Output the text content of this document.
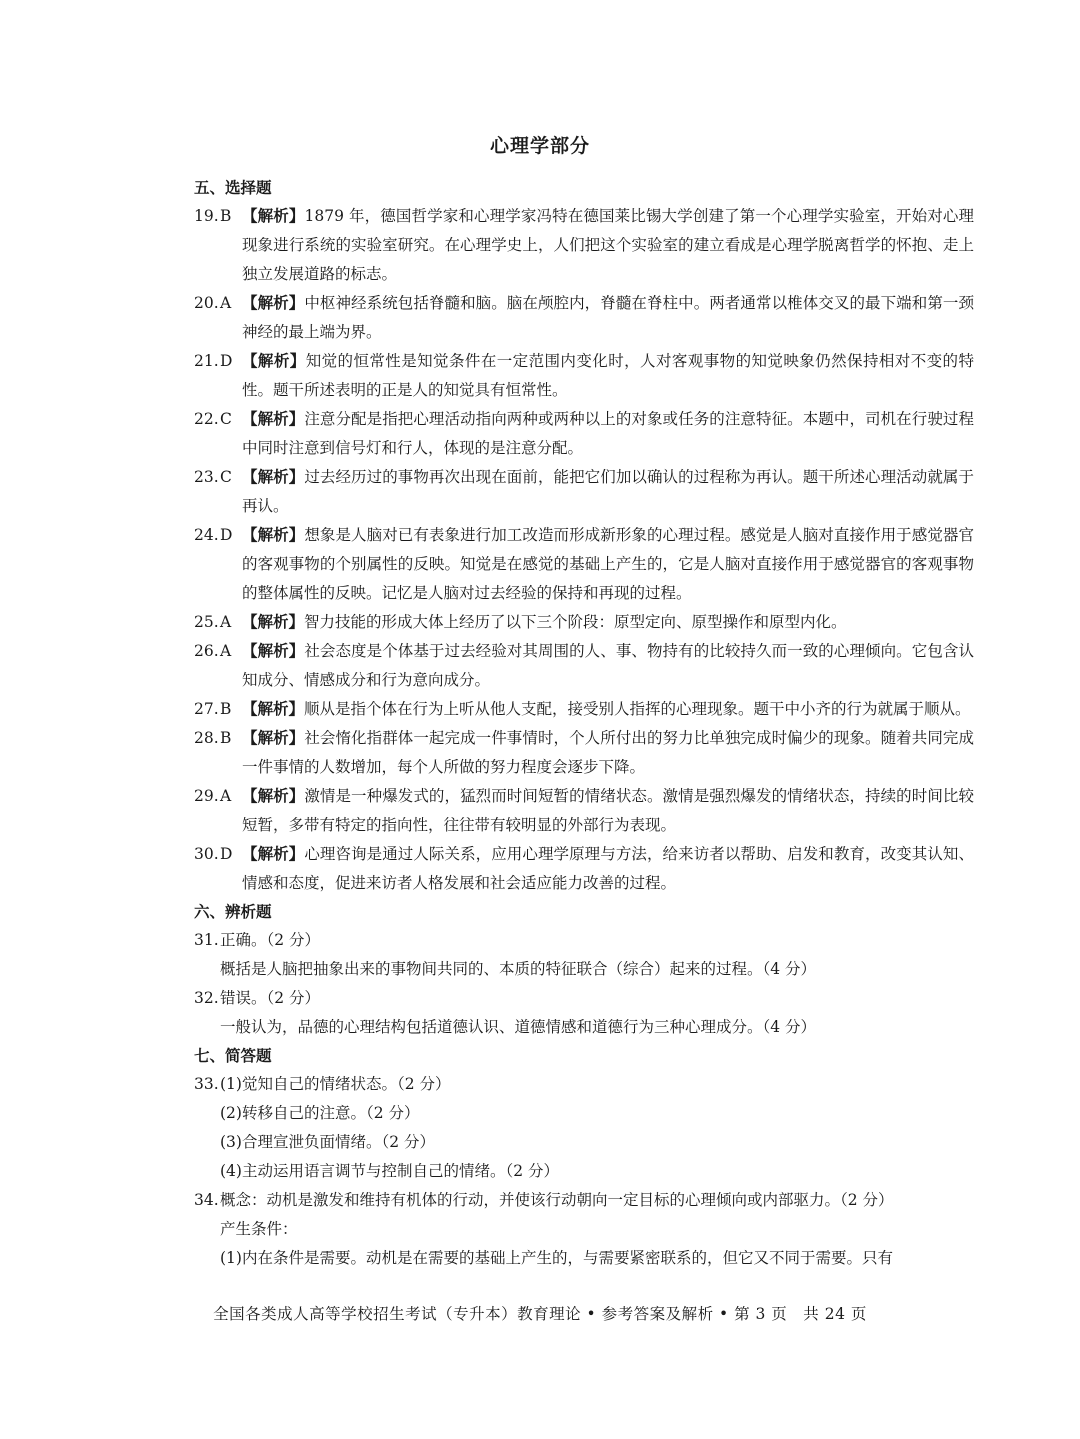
心理学部分
五、选择题
19. B 【解析】1879 年，德国哲学家和心理学家冯特在德国莱比锡大学创建了第一个心理学实验室，开始对心理现象进行系统的实验室研究。在心理学史上，人们把这个实验室的建立看成是心理学脱离哲学的怀抱、走上独立发展道路的标志。
20. A 【解析】中枢神经系统包括脊髓和脑。脑在颅腔内，脊髓在脊柱中。两者通常以椎体交叉的最下端和第一颈神经的最上端为界。
21. D 【解析】知觉的恒常性是知觉条件在一定范围内变化时，人对客观事物的知觉映象仍然保持相对不变的特性。题干所述表明的正是人的知觉具有恒常性。
22. C 【解析】注意分配是指把心理活动指向两种或两种以上的对象或任务的注意特征。本题中，司机在行驶过程中同时注意到信号灯和行人，体现的是注意分配。
23. C 【解析】过去经历过的事物再次出现在面前，能把它们加以确认的过程称为再认。题干所述心理活动就属于再认。
24. D 【解析】想象是人脑对已有表象进行加工改造而形成新形象的心理过程。感觉是人脑对直接作用于感觉器官的客观事物的个别属性的反映。知觉是在感觉的基础上产生的，它是人脑对直接作用于感觉器官的客观事物的整体属性的反映。记忆是人脑对过去经验的保持和再现的过程。
25. A 【解析】智力技能的形成大体上经历了以下三个阶段：原型定向、原型操作和原型内化。
26. A 【解析】社会态度是个体基于过去经验对其周围的人、事、物持有的比较持久而一致的心理倾向。它包含认知成分、情感成分和行为意向成分。
27. B 【解析】顺从是指个体在行为上听从他人支配，接受别人指挥的心理现象。题干中小齐的行为就属于顺从。
28. B 【解析】社会惰化指群体一起完成一件事情时，个人所付出的努力比单独完成时偏少的现象。随着共同完成一件事情的人数增加，每个人所做的努力程度会逐步下降。
29. A 【解析】激情是一种爆发式的，猛烈而时间短暂的情绪状态。激情是强烈爆发的情绪状态，持续的时间比较短暂，多带有特定的指向性，往往带有较明显的外部行为表现。
30. D 【解析】心理咨询是通过人际关系，应用心理学原理与方法，给来访者以帮助、启发和教育，改变其认知、情感和态度，促进来访者人格发展和社会适应能力改善的过程。
六、辨析题
31. 正确。（2 分）
概括是人脑把抽象出来的事物间共同的、本质的特征联合（综合）起来的过程。（4 分）
32. 错误。（2 分）
一般认为，品德的心理结构包括道德认识、道德情感和道德行为三种心理成分。（4 分）
七、简答题
33. (1)觉知自己的情绪状态。（2 分）
(2)转移自己的注意。（2 分）
(3)合理宣泄负面情绪。（2 分）
(4)主动运用语言调节与控制自己的情绪。（2 分）
34. 概念：动机是激发和维持有机体的行动，并使该行动朝向一定目标的心理倾向或内部驱力。（2 分）
产生条件：
(1)内在条件是需要。动机是在需要的基础上产生的，与需要紧密联系的，但它又不同于需要。只有
全国各类成人高等学校招生考试（专升本）教育理论 • 参考答案及解析 • 第 3 页　共 24 页
